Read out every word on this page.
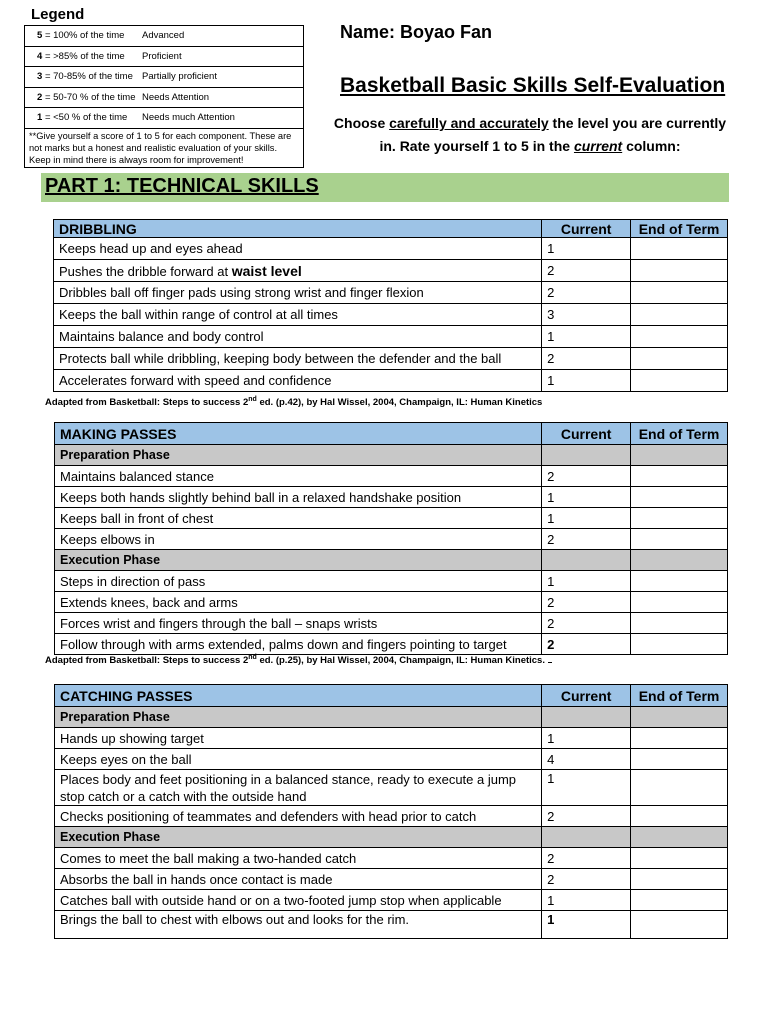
Legend
5 = 100% of the time Advanced
4 = >85% of the time Proficient
3 = 70-85% of the time Partially proficient
2 = 50-70 % of the time Needs Attention
1 = <50 % of the time Needs much Attention
**Give yourself a score of 1 to 5 for each component. These are not marks but a honest and realistic evaluation of your skills. Keep in mind there is always room for improvement!
Name: Boyao Fan
Basketball Basic Skills Self-Evaluation
Choose carefully and accurately the level you are currently in. Rate yourself 1 to 5 in the current column:
PART 1: TECHNICAL SKILLS
DRIBBLING	Current	End of Term
Keeps head up and eyes ahead	1	
Pushes the dribble forward at waist level	2	
Dribbles ball off finger pads using strong wrist and finger flexion	2	
Keeps the ball within range of control at all times	3	
Maintains balance and body control	1	
Protects ball while dribbling, keeping body between the defender and the ball	2	
Accelerates forward with speed and confidence	1	
Adapted from Basketball: Steps to success 2nd ed. (p.42), by Hal Wissel, 2004, Champaign, IL: Human Kinetics
MAKING PASSES	Current	End of Term
Preparation Phase		
Maintains balanced stance	2	
Keeps both hands slightly behind ball in a relaxed handshake position	1	
Keeps ball in front of chest	1	
Keeps elbows in	2	
Execution Phase		
Steps in direction of pass	1	
Extends knees, back and arms	2	
Forces wrist and fingers through the ball – snaps wrists	2	
Follow through with arms extended, palms down and fingers pointing to target	2	
Adapted from Basketball: Steps to success 2nd ed. (p.25), by Hal Wissel, 2004, Champaign, IL: Human Kinetics.
CATCHING PASSES	Current	End of Term
Preparation Phase		
Hands up showing target	1	
Keeps eyes on the ball	4	
Places body and feet positioning in a balanced stance, ready to execute a jump stop catch or a catch with the outside hand	1	
Checks positioning of teammates and defenders with head prior to catch	2	
Execution Phase		
Comes to meet the ball making a two-handed catch	2	
Absorbs the ball in hands once contact is made	2	
Catches ball with outside hand or on a two-footed jump stop when applicable	1	
Brings the ball to chest with elbows out and looks for the rim.	1	
